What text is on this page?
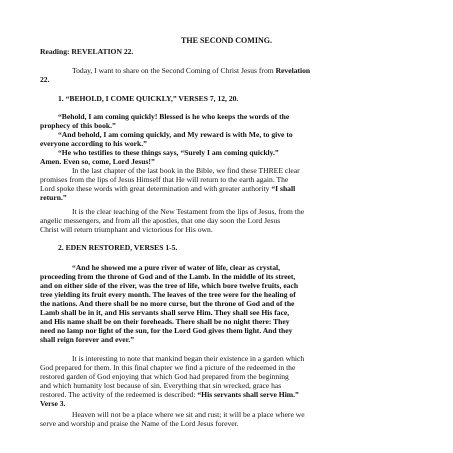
THE SECOND COMING.
Reading: REVELATION 22.
Today, I want to share on the Second Coming of Christ Jesus from Revelation
22.
1. “BEHOLD, I COME QUICKLY,” VERSES 7, 12, 20.
“Behold, I am coming quickly! Blessed is he who keeps the words of the
prophecy of this book.”
“And behold, I am coming quickly, and My reward is with Me, to give to
everyone according to his work.”
“He who testifies to these things says, “Surely I am coming quickly.”
Amen. Even so, come, Lord Jesus!”
In the last chapter of the last book in the Bible, we find these THREE clear
promises from the lips of Jesus Himself that He will return to the earth again. The
Lord spoke these words with great determination and with greater authority “I shall
return.”
It is the clear teaching of the New Testament from the lips of Jesus, from the
angelic messengers, and from all the apostles, that one day soon the Lord Jesus
Christ will return triumphant and victorious for His own.
2. EDEN RESTORED, VERSES 1-5.
“And he showed me a pure river of water of life, clear as crystal,
proceeding from the throne of God and of the Lamb. In the middle of its street,
and on either side of the river, was the tree of life, which bore twelve fruits, each
tree yielding its fruit every month. The leaves of the tree were for the healing of
the nations. And there shall be no more curse, but the throne of God and of the
Lamb shall be in it, and His servants shall serve Him. They shall see His face,
and His name shall be on their foreheads. There shall be no night there: They
need no lamp nor light of the sun, for the Lord God gives them light. And they
shall reign forever and ever.”
It is interesting to note that mankind began their existence in a garden which
God prepared for them. In this final chapter we find a picture of the redeemed in the
restored garden of God enjoying that which God had prepared from the beginning
and which humanity lost because of sin. Everything that sin wrecked, grace has
restored. The activity of the redeemed is described: “His servants shall serve Him.”
Verse 3.
Heaven will not be a place where we sit and rust; it will be a place where we
serve and worship and praise the Name of the Lord Jesus forever.
